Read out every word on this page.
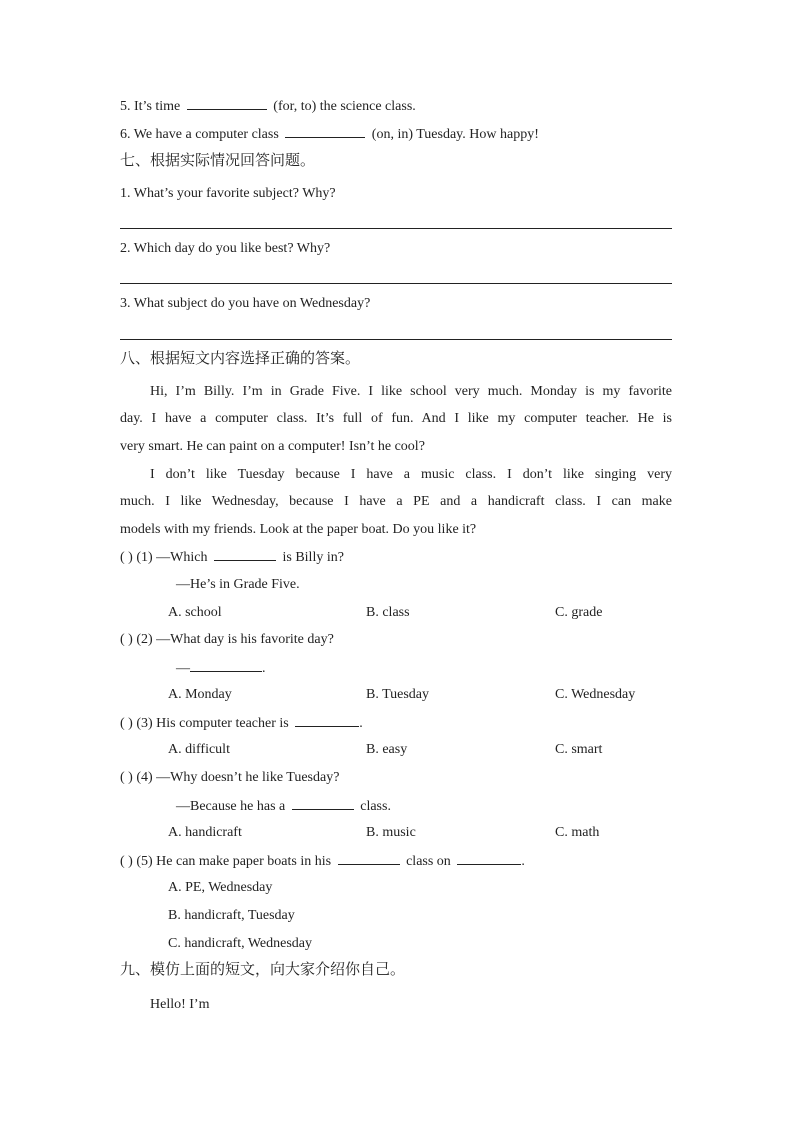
5. It’s time	(for, to) the science class.
6. We have a computer class	(on, in) Tuesday. How happy!
七、根据实际情况回答问题。
1. What’s your favorite subject? Why?
2. Which day do you like best? Why?
3. What subject do you have on Wednesday?
八、根据短文内容选择正确的答案。
Hi, I’m Billy. I’m in Grade Five. I like school very much. Monday is my favorite
day. I have a computer class. It’s full of fun. And I like my computer teacher. He is
very smart. He can paint on a computer! Isn’t he cool?
I don’t like Tuesday because I have a music class. I don’t like singing very
much. I like Wednesday, because I have a PE and a handicraft class. I can make
models with my friends. Look at the paper boat. Do you like it?
( ) (1) —Which	is Billy in?
—He’s in Grade Five.
A. school	B. class	C. grade
( ) (2) —What day is his favorite day?
—	.
A. Monday	B. Tuesday	C. Wednesday
( ) (3) His computer teacher is	.
A. difficult	B. easy	C. smart
( ) (4) —Why doesn’t he like Tuesday?
—Because he has a	class.
A. handicraft	B. music	C. math
( ) (5) He can make paper boats in his	class on	.
A. PE, Wednesday
B. handicraft, Tuesday
C. handicraft, Wednesday
九、模仿上面的短文，向大家介绍你自己。
Hello! I’m
